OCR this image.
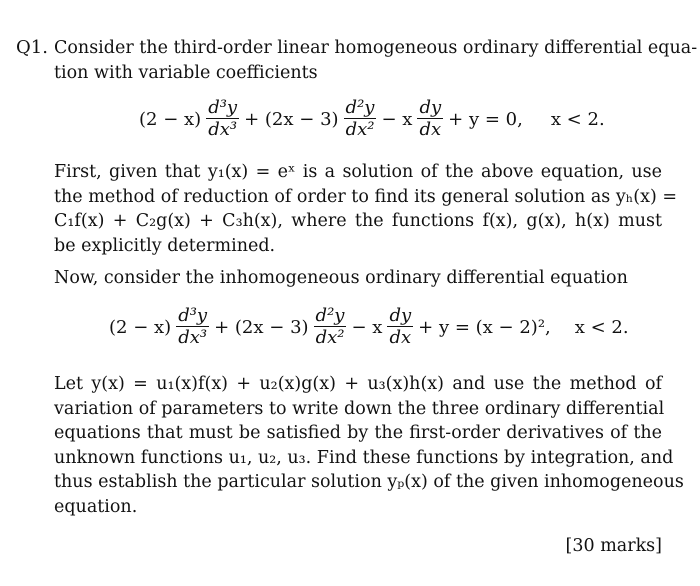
Q1. Consider the third-order linear homogeneous ordinary differential equa-
tion with variable coefficients
$(2 - x) \frac{\text{d³y}}{\text{dx³}} + (2x - 3) \frac{\text{d²y}}{\text{dx²}} - x \frac{dy}{dx} + y = 0$, x < 2.
First, given that y₁(x) = eˣ is a solution of the above equation, use
the method of reduction of order to find its general solution as yₕ(x) =
C₁f(x) + C₂g(x) + C₃h(x), where the functions f(x), g(x), h(x) must
be explicitly determined.
Now, consider the inhomogeneous ordinary differential equation
$(2 - x) \frac{\text{d³y}}{\text{dx³}} + (2x - 3) \frac{\text{d²y}}{\text{dx²}} - x \frac{dy}{dx} + y = (x - 2)^2$, x < 2.
Let y(x) = u₁(x)f(x) + u₂(x)g(x) + u₃(x)h(x) and use the method of
variation of parameters to write down the three ordinary differential
equations that must be satisfied by the first-order derivatives of the
unknown functions u₁, u₂, u₃. Find these functions by integration, and
thus establish the particular solution yₚ(x) of the given inhomogeneous
equation.
[30 marks]
